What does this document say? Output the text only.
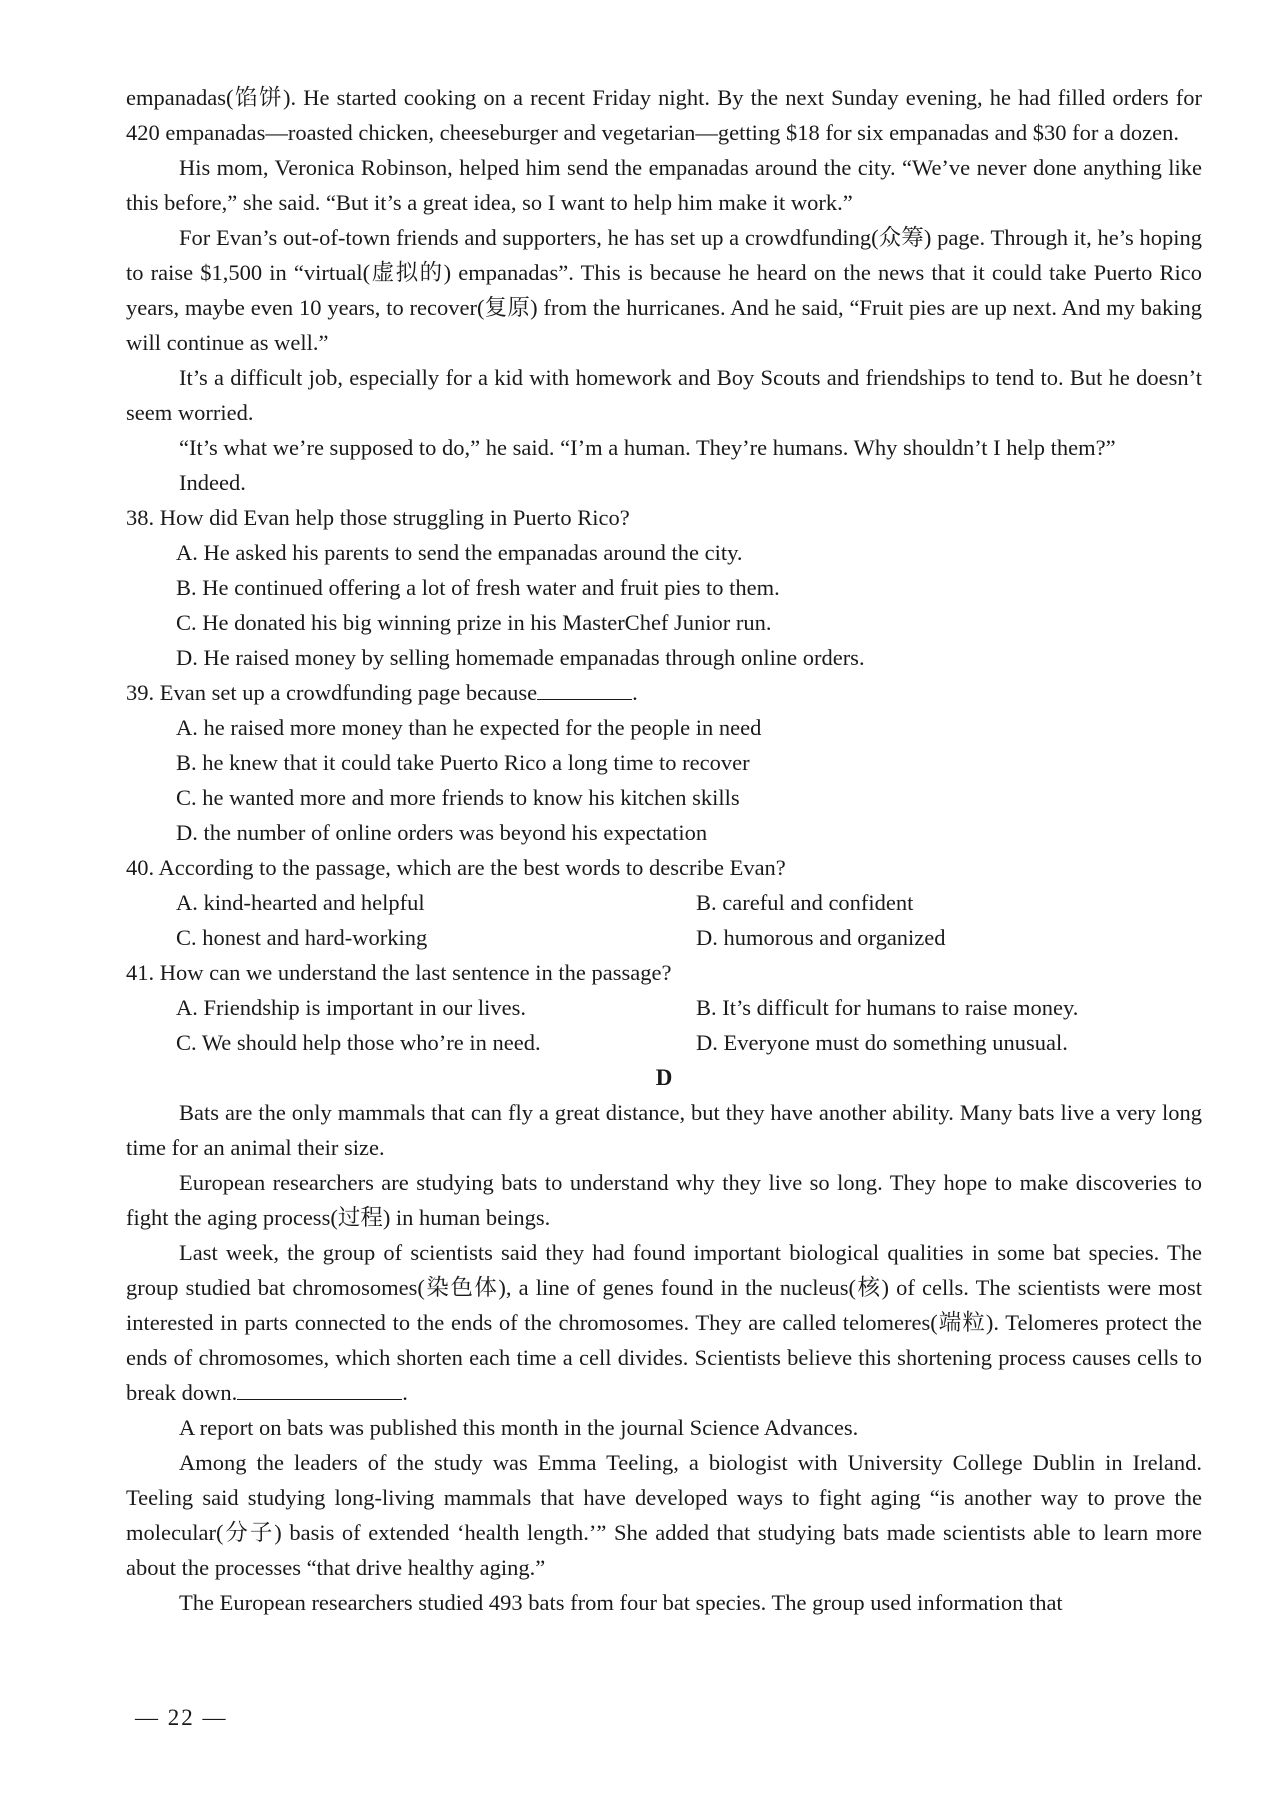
empanadas(馅饼). He started cooking on a recent Friday night. By the next Sunday evening, he had filled orders for 420 empanadas—roasted chicken, cheeseburger and vegetarian—getting $18 for six empanadas and $30 for a dozen.

His mom, Veronica Robinson, helped him send the empanadas around the city. “We’ve never done anything like this before,” she said. “But it’s a great idea, so I want to help him make it work.”

For Evan’s out-of-town friends and supporters, he has set up a crowdfunding(众筹) page. Through it, he’s hoping to raise $1,500 in “virtual(虚拟的) empanadas”. This is because he heard on the news that it could take Puerto Rico years, maybe even 10 years, to recover(复原) from the hurricanes. And he said, “Fruit pies are up next. And my baking will continue as well.”

It’s a difficult job, especially for a kid with homework and Boy Scouts and friendships to tend to. But he doesn’t seem worried.

“It’s what we’re supposed to do,” he said. “I’m a human. They’re humans. Why shouldn’t I help them?”

Indeed.

38. How did Evan help those struggling in Puerto Rico?

A. He asked his parents to send the empanadas around the city.

B. He continued offering a lot of fresh water and fruit pies to them.

C. He donated his big winning prize in his MasterChef Junior run.

D. He raised money by selling homemade empanadas through online orders.

39. Evan set up a crowdfunding page because	.

A. he raised more money than he expected for the people in need

B. he knew that it could take Puerto Rico a long time to recover

C. he wanted more and more friends to know his kitchen skills

D. the number of online orders was beyond his expectation

40. According to the passage, which are the best words to describe Evan?

A. kind-hearted and helpful	B. careful and confident

C. honest and hard-working	D. humorous and organized

41. How can we understand the last sentence in the passage?

A. Friendship is important in our lives.	B. It’s difficult for humans to raise money.

C. We should help those who’re in need.	D. Everyone must do something unusual.

D

Bats are the only mammals that can fly a great distance, but they have another ability. Many bats live a very long time for an animal their size.

European researchers are studying bats to understand why they live so long. They hope to make discoveries to fight the aging process(过程) in human beings.

Last week, the group of scientists said they had found important biological qualities in some bat species. The group studied bat chromosomes(染色体), a line of genes found in the nucleus(核) of cells. The scientists were most interested in parts connected to the ends of the chromosomes. They are called telomeres(端粒). Telomeres protect the ends of chromosomes, which shorten each time a cell divides. Scientists believe this shortening process causes cells to break down.	.

A report on bats was published this month in the journal Science Advances.

Among the leaders of the study was Emma Teeling, a biologist with University College Dublin in Ireland. Teeling said studying long-living mammals that have developed ways to fight aging “is another way to prove the molecular(分子) basis of extended ‘health length.’” She added that studying bats made scientists able to learn more about the processes “that drive healthy aging.”

The European researchers studied 493 bats from four bat species. The group used information that

— 22 —
